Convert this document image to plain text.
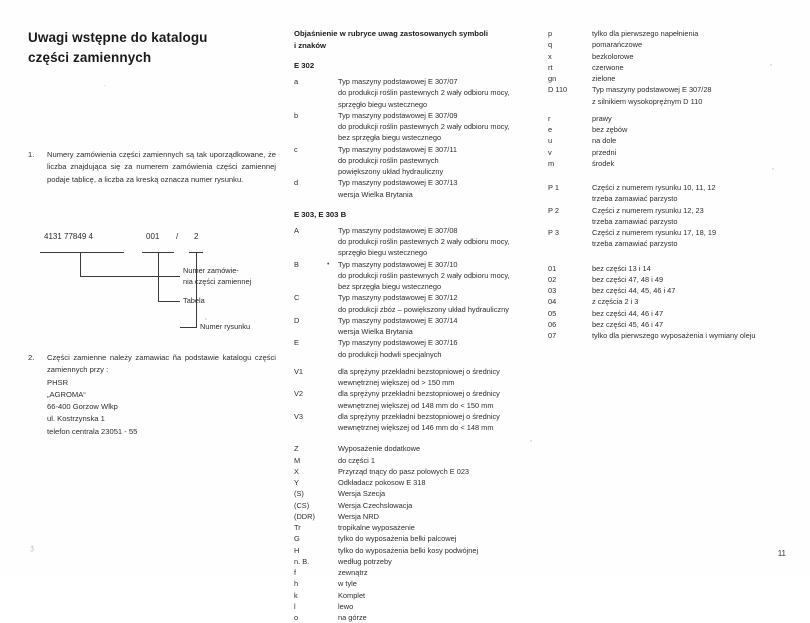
Uwagi wstępne do katalogu
części zamiennych
1.	Numery zamówienia części zamiennych są tak uporządkowane, że liczba znajdująca się za numerem zamówienia części zamiennej podaje tablicę, a liczba za kreską oznacza numer rysunku.
.
4131 77849 4	001 / 2
Numer zamówie-
nia części zamiennej
Tabela
Numer rysunku
2.	Części zamienne należy zamawiac ña podstawie katalogu części zamiennych przy :
PHSR
„AGROMA“
66-400 Gorzow Wlkp
ul. Kostrzynska 1
telefon centrala 23051 - 55
Objaśnienie w rubryce uwag zastosowanych symboli
i znaków
E 302
a	Typ maszyny podstawowej E 307/07
do produkcji roślin pastewnych 2 wały odbioru mocy,
sprzęgło biegu wstecznego
b	Typ maszyny podstawowej E 307/09
do produkcji roślin pastewnych 2 wały odbioru mocy,
bez sprzęgła biegu wstecznego
c	Typ maszyny podstawowej E 307/11
do produkcji roślin pastewnych
powiększony układ hydrauliczny
d	Typ maszyny podstawowej E 307/13
wersja Wielka Brytania
E 303, E 303 B
A	Typ maszyny podstawowej E 307/08
do produkcji roślin pastewnych 2 wały odbioru mocy,
sprzęgło biegu wstecznego
B	• Typ maszyny podstawowej E 307/10
do produkcji roślin pastewnych 2 wały odbioru mocy,
bez sprzęgła biegu wstecznego
C	Typ maszyny podstawowej E 307/12
do produkcji zbóz – powiększony układ hydrauliczny
D	Typ maszyny podstawowej E 307/14
wersja Wielka Brytania
E	Typ maszyny podstawowej E 307/16
do produkcji hodwli specjalnych
V1	dla sprężyny przekładni bezstopniowej o średnicy
wewnętrznej większej od > 150 mm
V2	dla sprężyny przekładni bezstopniowej o średnicy
wewnętrznej większej od 148 mm do < 150 mm
V3	dla sprężyny przekładni bezstopniowej o średnicy
wewnętrznej większej od 146 mm do < 148 mm
Z	Wyposażenie dodatkowe
M	do części 1
X	Przyrząd tnący do pasz polowych E 023
Y	Odkładacz pokosow E 318
(S)	Wersja Szecja
(CS)	Wersja Czechslowacja
(DDR)	Wersja NRD
Tr	tropikalne wyposażenie
G	tylko do wyposażenia belki palcowej
H	tylko do wyposażenia belki kosy podwójnej
n. B.	według potrzeby
f	zewnątrz
h	w tyle
k	Komplet
l	lewo
o	na górze
p	tylko dla pierwszego napełnienia
q	pomarańczowe
x	bezkolorowe
rt	czerwone
gn	zielone
D 110	Typ maszyny podstawowej E 307/28
z silnikiem wysokoprężnym D 110
r	prawy
e	bez zębów
u	na dole
v	przedni
m	środek
P 1	Części z numerem rysunku 10, 11, 12
trzeba zamawiać parzysto
P 2	Części z numerem rysunku 12, 23
trzeba zamawiać parzysto
P 3	Części z numerem rysunku 17, 18, 19
trzeba zamawiać parzysto
01	bez części 13 i 14
02	bez części 47, 48 i 49
03	bez części 44, 45, 46 i 47
04	z częścia 2 i 3
05	bez części 44, 46 i 47
06	bez części 45, 46 i 47
07	tylko dla pierwszego wyposażenia i wymiany oleju
ʒ
11
